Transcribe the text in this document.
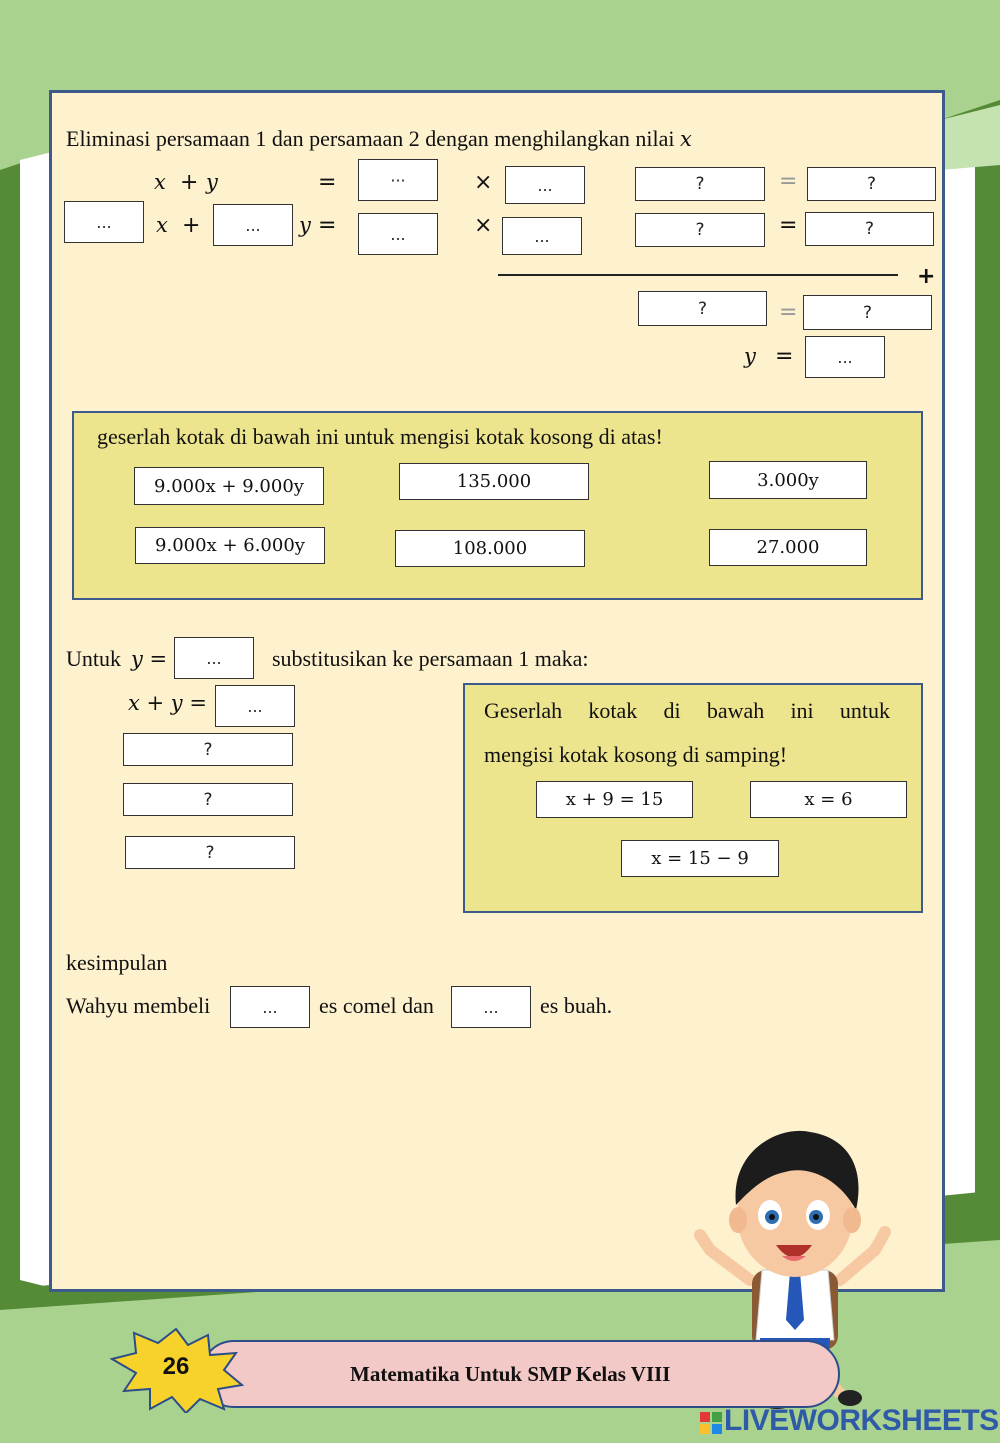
Eliminasi persamaan 1 dan persamaan 2 dengan menghilangkan nilai x
x + y	=	···	×	...	?	=	?
...	x +	...	y =	...	×	...	?	=	?
+
?	=	?
y =	...
geserlah kotak di bawah ini untuk mengisi kotak kosong di atas!
9.000x + 9.000y	135.000	3.000y
9.000x + 6.000y	108.000	27.000
Untuk y =	...	substitusikan ke persamaan 1 maka:
x + y =	...
?
?
?
Geserlah kotak di bawah ini untuk
mengisi kotak kosong di samping!
x + 9 = 15	x = 6
x = 15 − 9
kesimpulan
Wahyu membeli	...	es comel dan	...	es buah.
26	Matematika Untuk SMP Kelas VIII
LIVEWORKSHEETS
